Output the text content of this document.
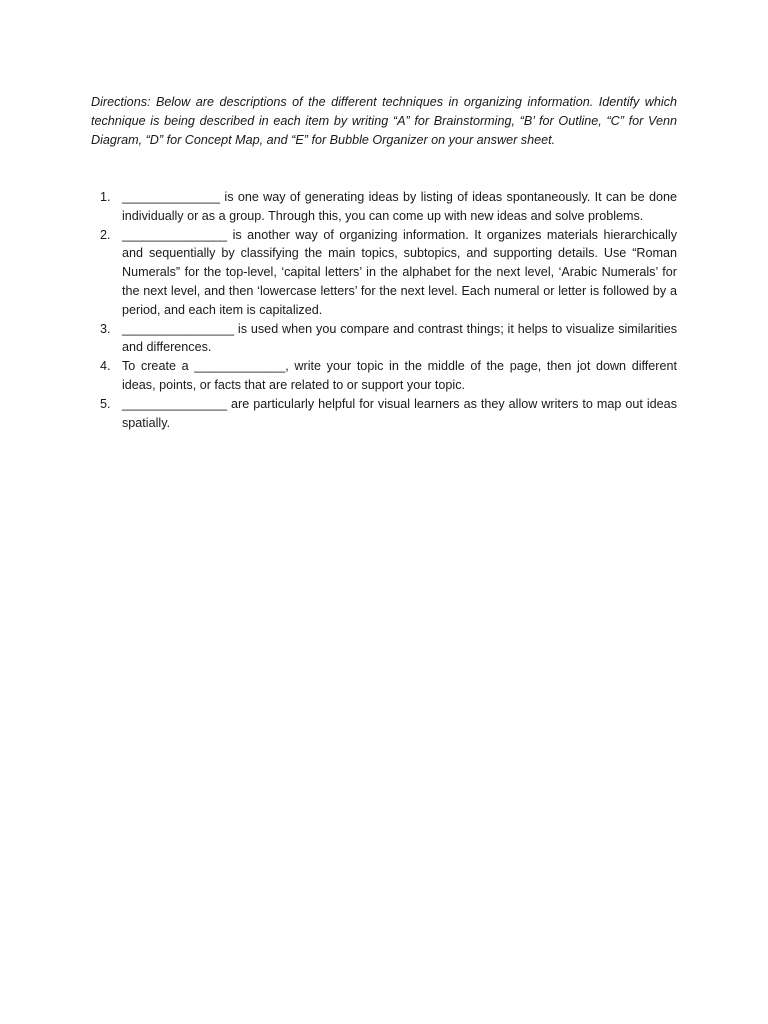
Directions: Below are descriptions of the different techniques in organizing information. Identify which technique is being described in each item by writing “A” for Brainstorming, “B’ for Outline, “C” for Venn Diagram, “D” for Concept Map, and “E” for Bubble Organizer on your answer sheet.

1. ______________ is one way of generating ideas by listing of ideas spontaneously. It can be done individually or as a group. Through this, you can come up with new ideas and solve problems.
2. _______________ is another way of organizing information. It organizes materials hierarchically and sequentially by classifying the main topics, subtopics, and supporting details. Use “Roman Numerals” for the top-level, ‘capital letters’ in the alphabet for the next level, ‘Arabic Numerals’ for the next level, and then ‘lowercase letters’ for the next level. Each numeral or letter is followed by a period, and each item is capitalized.
3. ________________ is used when you compare and contrast things; it helps to visualize similarities and differences.
4. To create a _____________, write your topic in the middle of the page, then jot down different ideas, points, or facts that are related to or support your topic.
5. _______________ are particularly helpful for visual learners as they allow writers to map out ideas spatially.
